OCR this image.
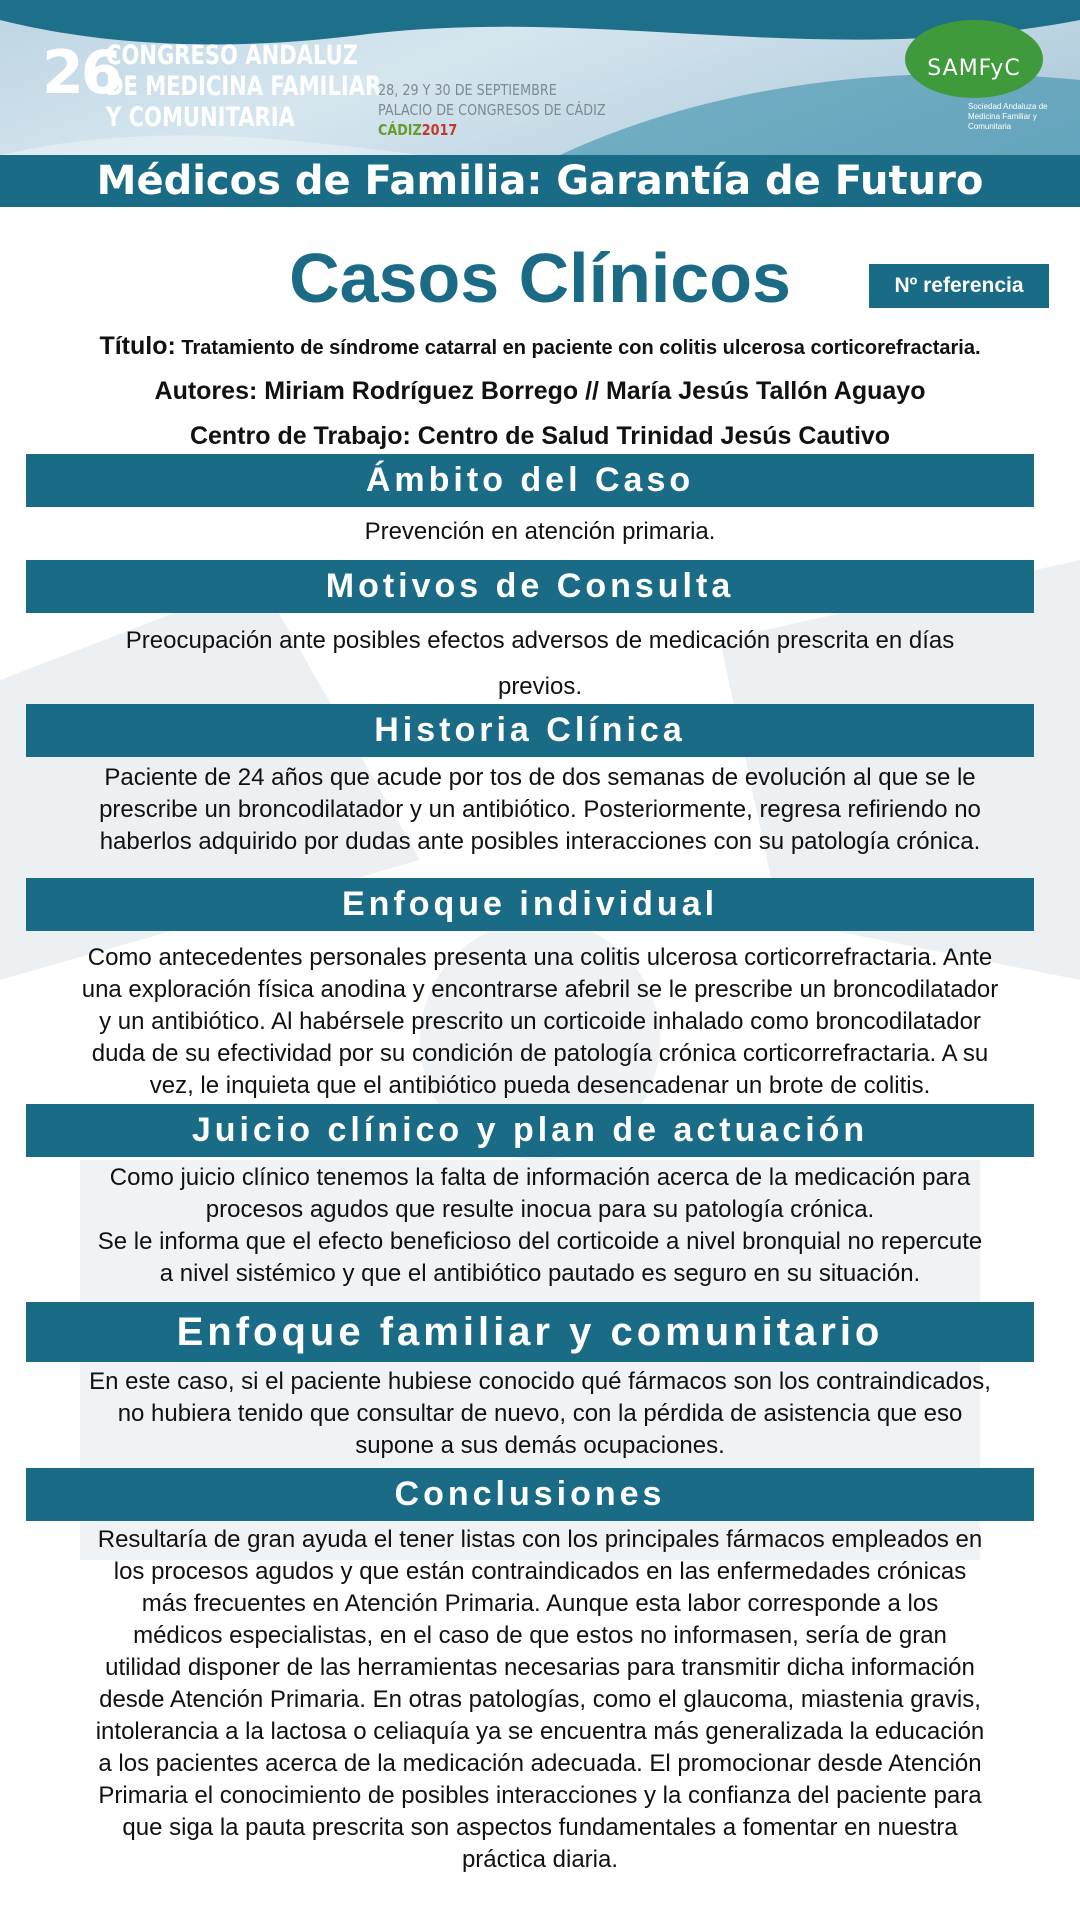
26
CONGRESO ANDALUZ
DE MEDICINA FAMILIAR
Y COMUNITARIA
28, 29 Y 30 DE SEPTIEMBRE
PALACIO DE CONGRESOS DE CÁDIZ
CÁDIZ2017
SAMFyC
Sociedad Andaluza de Medicina Familiar y Comunitaria
Médicos de Familia: Garantía de Futuro
Casos Clínicos	Nº referencia
Título: Tratamiento de síndrome catarral en paciente con colitis ulcerosa corticorefractaria.
Autores: Miriam Rodríguez Borrego // María Jesús Tallón Aguayo
Centro de Trabajo: Centro de Salud Trinidad Jesús Cautivo
Ámbito del Caso
Prevención en atención primaria.
Motivos de Consulta
Preocupación ante posibles efectos adversos de medicación prescrita en días
previos.
Historia Clínica
Paciente de 24 años que acude por tos de dos semanas de evolución al que se le
prescribe un broncodilatador y un antibiótico. Posteriormente, regresa refiriendo no
haberlos adquirido por dudas ante posibles interacciones con su patología crónica.
Enfoque individual
Como antecedentes personales presenta una colitis ulcerosa corticorrefractaria. Ante
una exploración física anodina y encontrarse afebril se le prescribe un broncodilatador
y un antibiótico. Al habérsele prescrito un corticoide inhalado como broncodilatador
duda de su efectividad por su condición de patología crónica corticorrefractaria. A su
vez, le inquieta que el antibiótico pueda desencadenar un brote de colitis.
Juicio clínico y plan de actuación
Como juicio clínico tenemos la falta de información acerca de la medicación para
procesos agudos que resulte inocua para su patología crónica.
Se le informa que el efecto beneficioso del corticoide a nivel bronquial no repercute
a nivel sistémico y que el antibiótico pautado es seguro en su situación.
Enfoque familiar y comunitario
En este caso, si el paciente hubiese conocido qué fármacos son los contraindicados,
no hubiera tenido que consultar de nuevo, con la pérdida de asistencia que eso
supone a sus demás ocupaciones.
Conclusiones
Resultaría de gran ayuda el tener listas con los principales fármacos empleados en
los procesos agudos y que están contraindicados en las enfermedades crónicas
más frecuentes en Atención Primaria. Aunque esta labor corresponde a los
médicos especialistas, en el caso de que estos no informasen, sería de gran
utilidad disponer de las herramientas necesarias para transmitir dicha información
desde Atención Primaria. En otras patologías, como el glaucoma, miastenia gravis,
intolerancia a la lactosa o celiaquía ya se encuentra más generalizada la educación
a los pacientes acerca de la medicación adecuada. El promocionar desde Atención
Primaria el conocimiento de posibles interacciones y la confianza del paciente para
que siga la pauta prescrita son aspectos fundamentales a fomentar en nuestra
práctica diaria.
